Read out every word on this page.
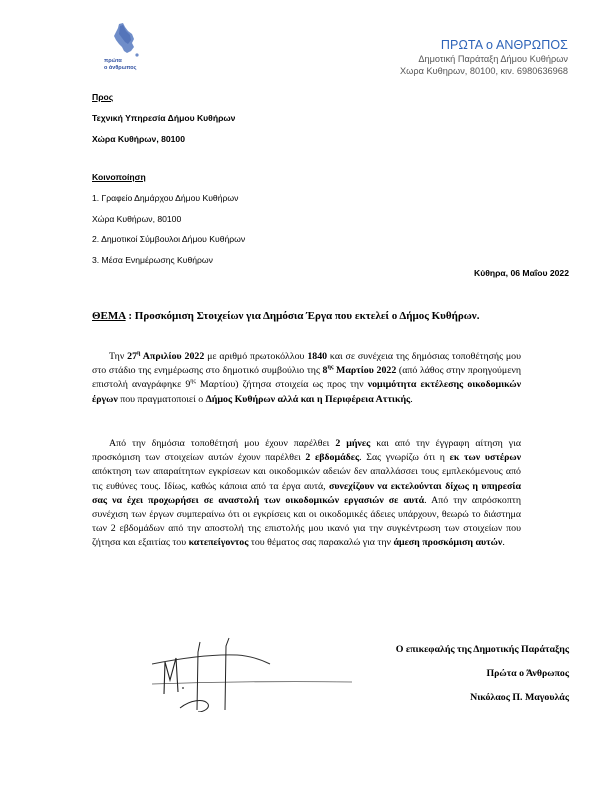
πρώτα
ο άνθρωπος
ΠΡΩΤΑ ο ΑΝΘΡΩΠΟΣ
Δημοτική Παράταξη Δήμου Κυθήρων
Χωρα Κυθηρων, 80100, κιν. 6980636968
Προς
Τεχνική Υπηρεσία Δήμου Κυθήρων
Χώρα Κυθήρων, 80100
Κοινοποίηση
1. Γραφείο Δημάρχου Δήμου Κυθήρων
Χώρα Κυθήρων, 80100
2. Δημοτικοί Σύμβουλοι Δήμου Κυθήρων
3. Μέσα Ενημέρωσης Κυθήρων
Κύθηρα, 06 Μαΐου 2022
ΘΕΜΑ : Προσκόμιση Στοιχείων για Δημόσια Έργα που εκτελεί ο Δήμος Κυθήρων.
Την $27^\eta$ Απριλίου 2022 με αριθμό πρωτοκόλλου 1840 και σε συνέχεια της δημόσιας τοποθέτησής μου στο στάδιο της ενημέρωσης στο δημοτικό συμβούλιο της $8^{\eta\varsigma}$ Μαρτίου 2022 (από λάθος στην προηγούμενη επιστολή αναγράφηκε $9^{\eta\varsigma}$ Μαρτίου) ζήτησα στοιχεία ως προς την νομιμότητα εκτέλεσης οικοδομικών έργων που πραγματοποιεί ο Δήμος Κυθήρων αλλά και η Περιφέρεια Αττικής.
Από την δημόσια τοποθέτησή μου έχουν παρέλθει 2 μήνες και από την έγγραφη αίτηση για προσκόμιση των στοιχείων αυτών έχουν παρέλθει 2 εβδομάδες. Σας γνωρίζω ότι η εκ των υστέρων απόκτηση των απαραίτητων εγκρίσεων και οικοδομικών αδειών δεν απαλλάσσει τους εμπλεκόμενους από τις ευθύνες τους. Ιδίως, καθώς κάποια από τα έργα αυτά, συνεχίζουν να εκτελούνται δίχως η υπηρεσία σας να έχει προχωρήσει σε αναστολή των οικοδομικών εργασιών σε αυτά. Από την απρόσκοπτη συνέχιση των έργων συμπεραίνω ότι οι εγκρίσεις και οι οικοδομικές άδειες υπάρχουν, θεωρώ το διάστημα των 2 εβδομάδων από την αποστολή της επιστολής μου ικανό για την συγκέντρωση των στοιχείων που ζήτησα και εξαιτίας του κατεπείγοντος του θέματος σας παρακαλώ για την άμεση προσκόμιση αυτών.
Ο επικεφαλής της Δημοτικής Παράταξης
Πρώτα ο Άνθρωπος
Νικόλαος Π. Μαγουλάς
